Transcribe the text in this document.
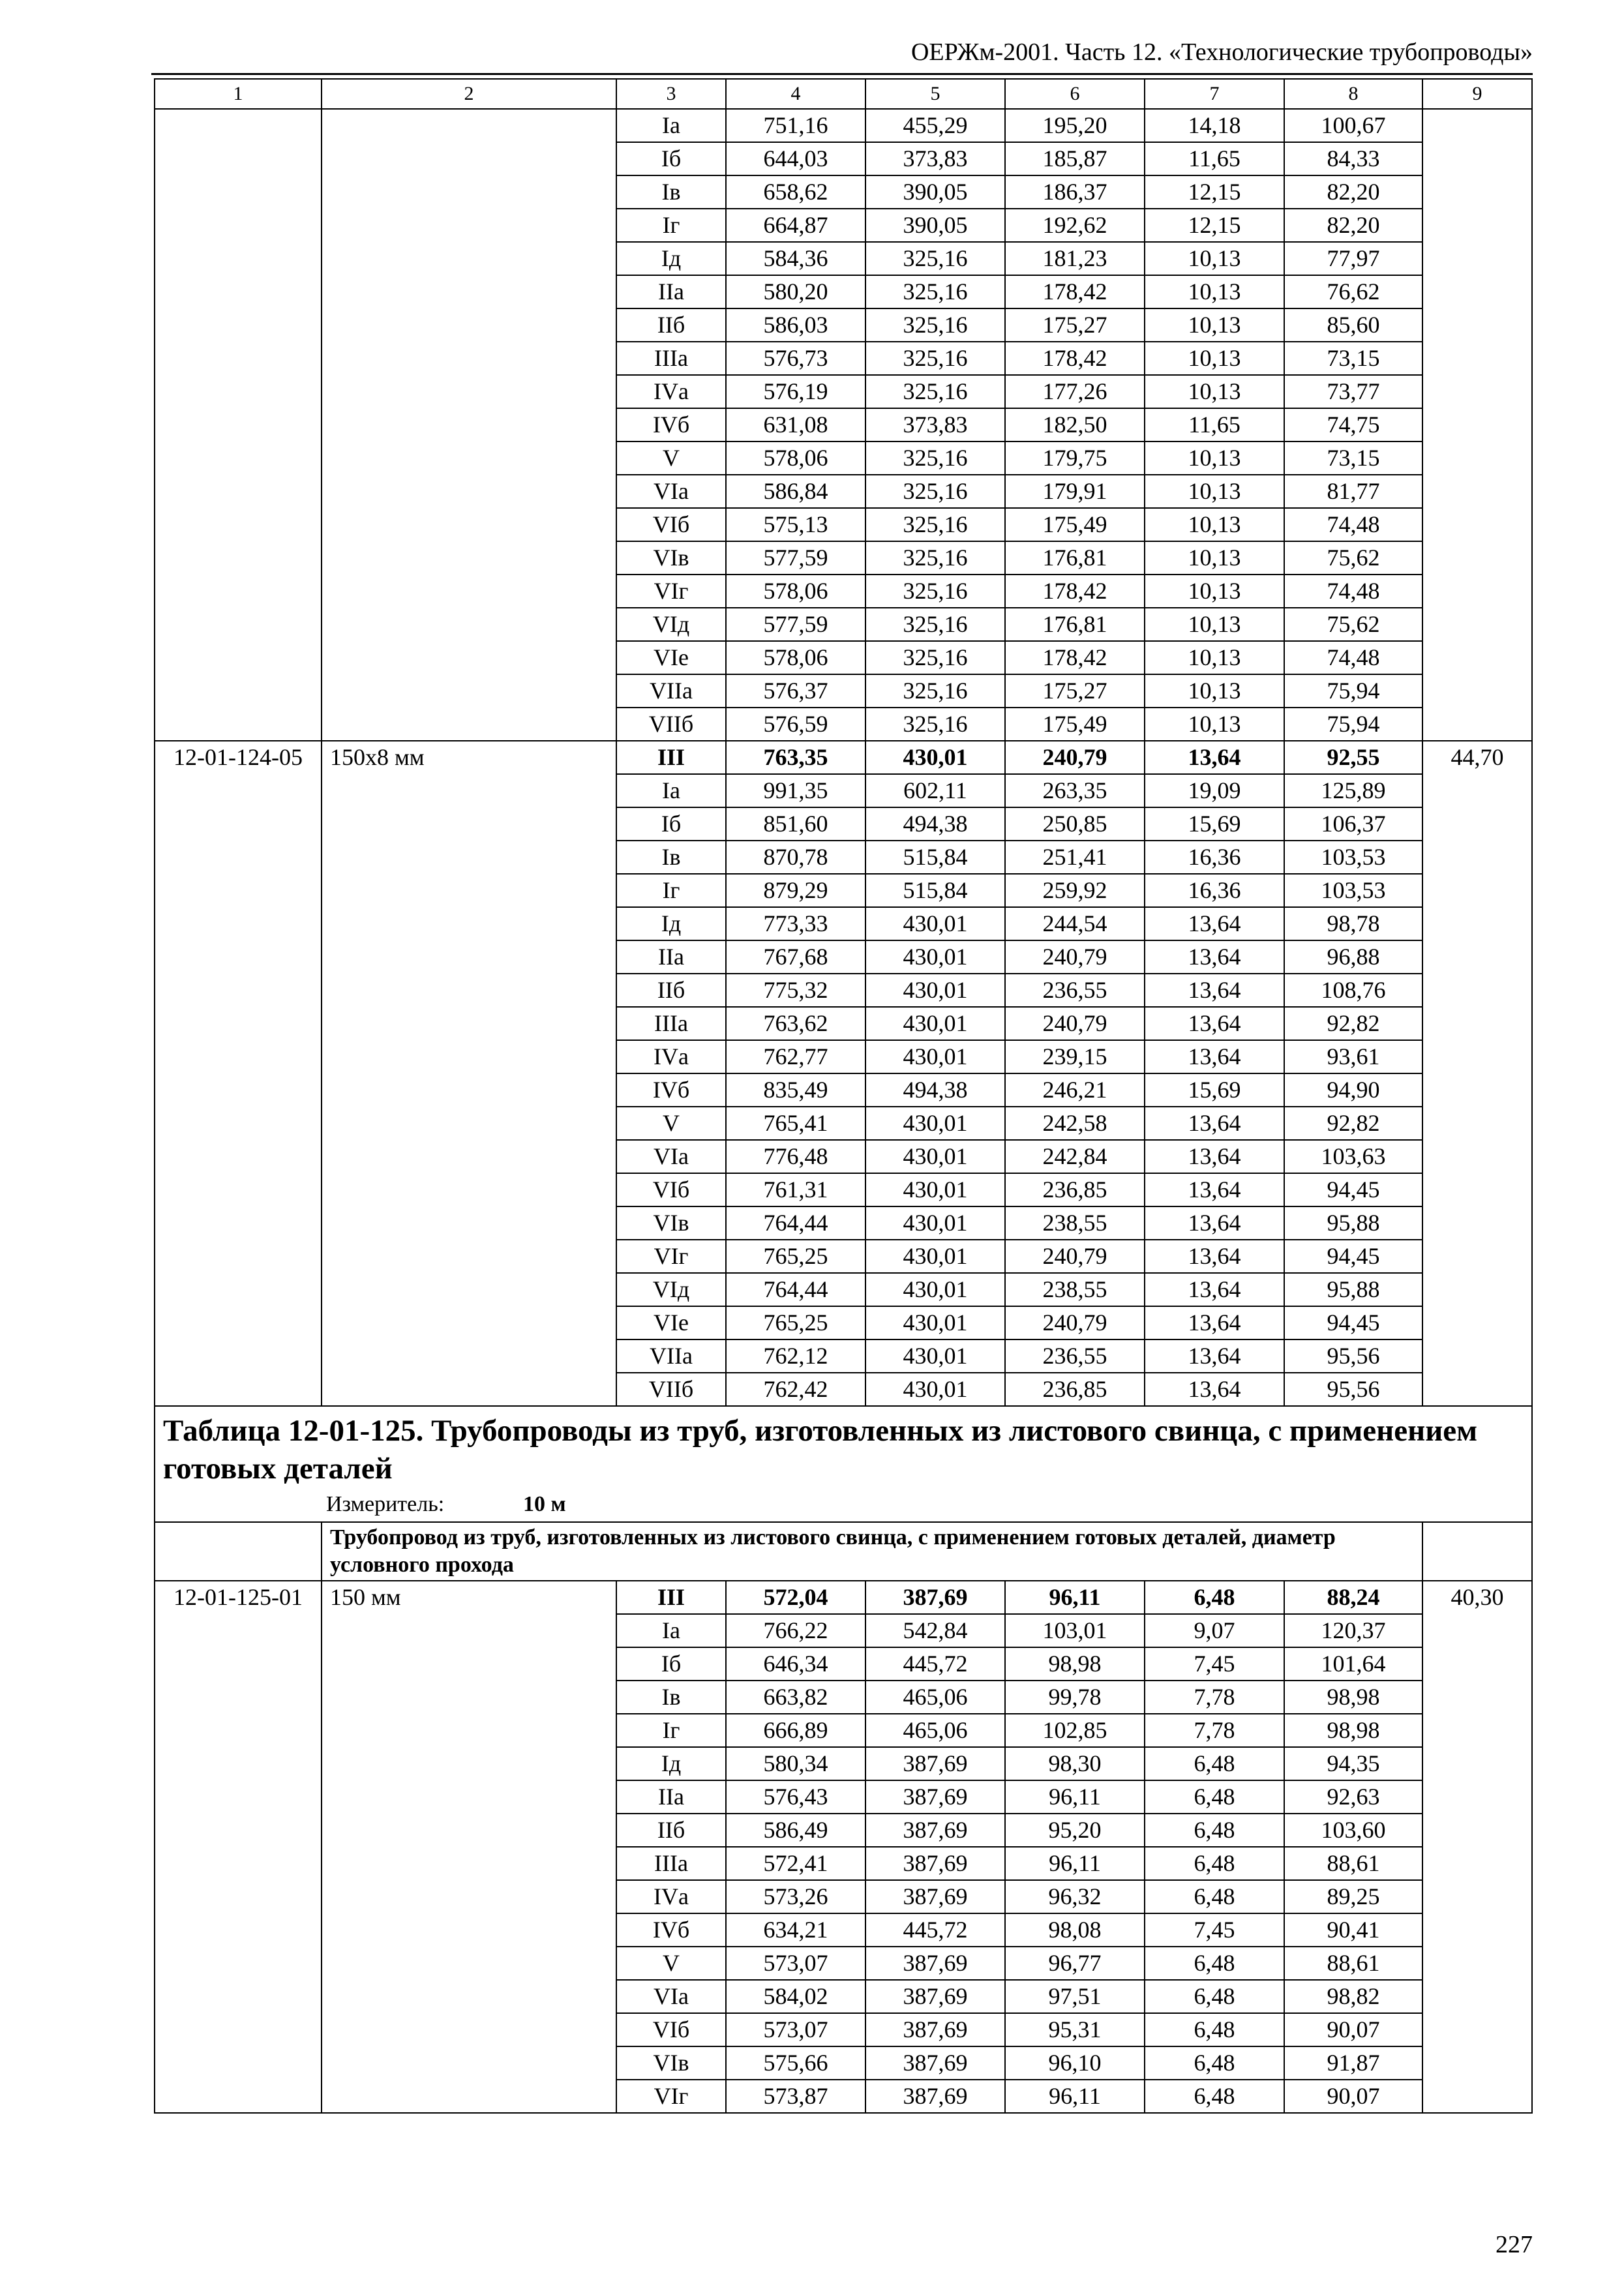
ОЕРЖм-2001. Часть 12. «Технологические трубопроводы»
1	2	3	4	5	6	7	8	9
		Iа	751,16	455,29	195,20	14,18	100,67	
		Iб	644,03	373,83	185,87	11,65	84,33	
		Iв	658,62	390,05	186,37	12,15	82,20	
		Iг	664,87	390,05	192,62	12,15	82,20	
		Iд	584,36	325,16	181,23	10,13	77,97	
		IIа	580,20	325,16	178,42	10,13	76,62	
		IIб	586,03	325,16	175,27	10,13	85,60	
		IIIа	576,73	325,16	178,42	10,13	73,15	
		IVа	576,19	325,16	177,26	10,13	73,77	
		IVб	631,08	373,83	182,50	11,65	74,75	
		V	578,06	325,16	179,75	10,13	73,15	
		VIа	586,84	325,16	179,91	10,13	81,77	
		VIб	575,13	325,16	175,49	10,13	74,48	
		VIв	577,59	325,16	176,81	10,13	75,62	
		VIг	578,06	325,16	178,42	10,13	74,48	
		VIд	577,59	325,16	176,81	10,13	75,62	
		VIе	578,06	325,16	178,42	10,13	74,48	
		VIIа	576,37	325,16	175,27	10,13	75,94	
		VIIб	576,59	325,16	175,49	10,13	75,94	
12-01-124-05	150х8 мм	III	763,35	430,01	240,79	13,64	92,55	44,70
		Iа	991,35	602,11	263,35	19,09	125,89	
		Iб	851,60	494,38	250,85	15,69	106,37	
		Iв	870,78	515,84	251,41	16,36	103,53	
		Iг	879,29	515,84	259,92	16,36	103,53	
		Iд	773,33	430,01	244,54	13,64	98,78	
		IIа	767,68	430,01	240,79	13,64	96,88	
		IIб	775,32	430,01	236,55	13,64	108,76	
		IIIа	763,62	430,01	240,79	13,64	92,82	
		IVа	762,77	430,01	239,15	13,64	93,61	
		IVб	835,49	494,38	246,21	15,69	94,90	
		V	765,41	430,01	242,58	13,64	92,82	
		VIа	776,48	430,01	242,84	13,64	103,63	
		VIб	761,31	430,01	236,85	13,64	94,45	
		VIв	764,44	430,01	238,55	13,64	95,88	
		VIг	765,25	430,01	240,79	13,64	94,45	
		VIд	764,44	430,01	238,55	13,64	95,88	
		VIе	765,25	430,01	240,79	13,64	94,45	
		VIIа	762,12	430,01	236,55	13,64	95,56	
		VIIб	762,42	430,01	236,85	13,64	95,56	
Таблица 12-01-125. Трубопроводы из труб, изготовленных из листового свинца, с применением готовых деталей								

Измеритель: 10 м								

	Трубопровод из труб, изготовленных из листового свинца, с применением готовых деталей, диаметр условного прохода							
12-01-125-01	150 мм	III	572,04	387,69	96,11	6,48	88,24	40,30
		Iа	766,22	542,84	103,01	9,07	120,37	
		Iб	646,34	445,72	98,98	7,45	101,64	
		Iв	663,82	465,06	99,78	7,78	98,98	
		Iг	666,89	465,06	102,85	7,78	98,98	
		Iд	580,34	387,69	98,30	6,48	94,35	
		IIа	576,43	387,69	96,11	6,48	92,63	
		IIб	586,49	387,69	95,20	6,48	103,60	
		IIIа	572,41	387,69	96,11	6,48	88,61	
		IVа	573,26	387,69	96,32	6,48	89,25	
		IVб	634,21	445,72	98,08	7,45	90,41	
		V	573,07	387,69	96,77	6,48	88,61	
		VIа	584,02	387,69	97,51	6,48	98,82	
		VIб	573,07	387,69	95,31	6,48	90,07	
		VIв	575,66	387,69	96,10	6,48	91,87	
		VIг	573,87	387,69	96,11	6,48	90,07	
227
